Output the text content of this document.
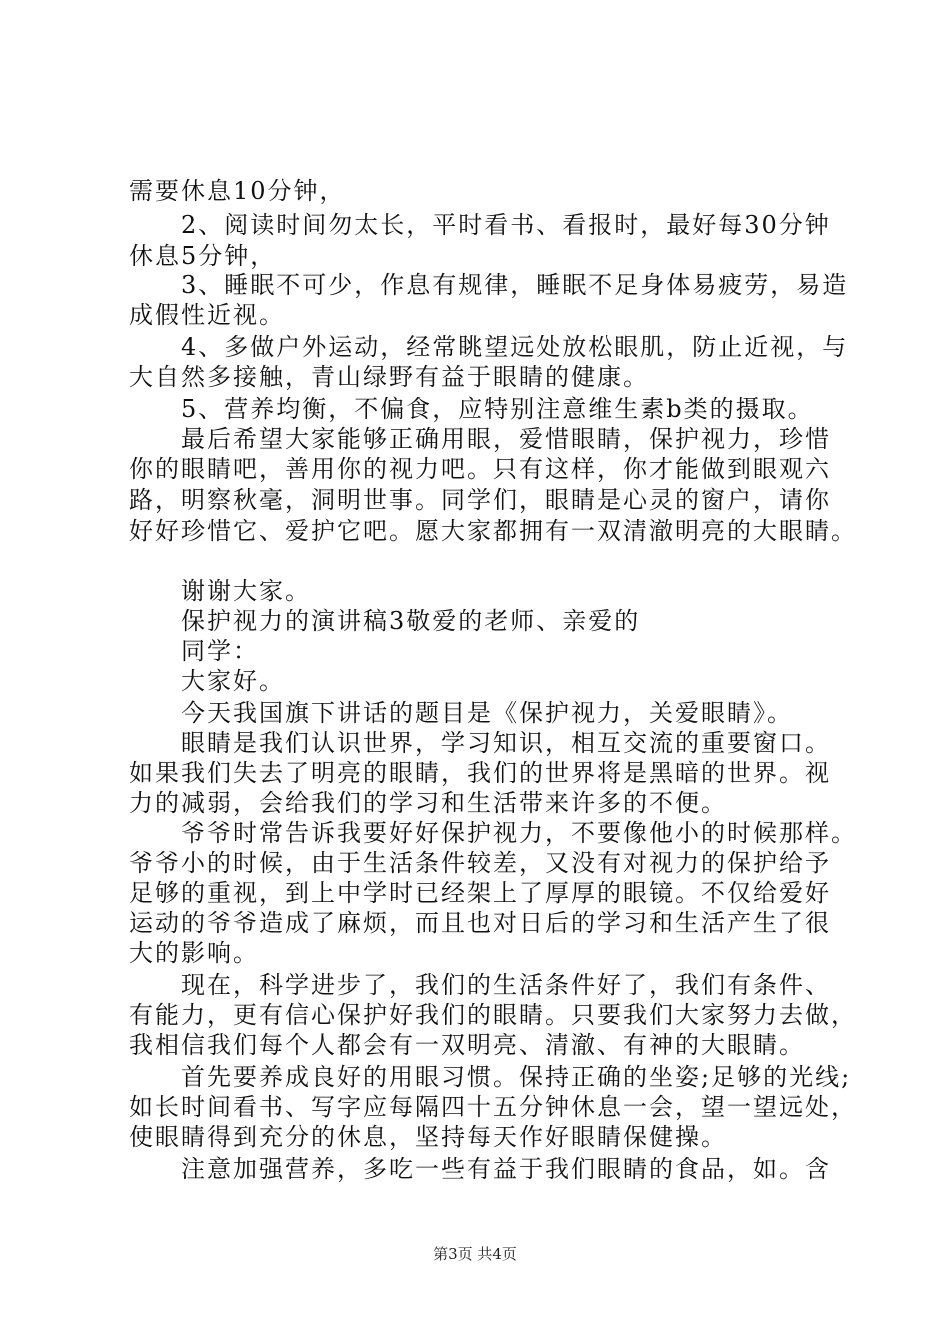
需要休息10分钟，
　　2、阅读时间勿太长，平时看书、看报时，最好每30分钟
休息5分钟，
　　3、睡眠不可少，作息有规律，睡眠不足身体易疲劳，易造
成假性近视。
　　4、多做户外运动，经常眺望远处放松眼肌，防止近视，与
大自然多接触，青山绿野有益于眼睛的健康。
　　5、营养均衡，不偏食，应特别注意维生素b类的摄取。
　　最后希望大家能够正确用眼，爱惜眼睛，保护视力，珍惜
你的眼睛吧，善用你的视力吧。只有这样，你才能做到眼观六
路，明察秋毫，洞明世事。同学们，眼睛是心灵的窗户，请你
好好珍惜它、爱护它吧。愿大家都拥有一双清澈明亮的大眼睛。
　　谢谢大家。
　　保护视力的演讲稿3敬爱的老师、亲爱的
　　同学：
　　大家好。
　　今天我国旗下讲话的题目是《保护视力，关爱眼睛》。
　　眼睛是我们认识世界，学习知识，相互交流的重要窗口。
如果我们失去了明亮的眼睛，我们的世界将是黑暗的世界。视
力的减弱，会给我们的学习和生活带来许多的不便。
　　爷爷时常告诉我要好好保护视力，不要像他小的时候那样。
爷爷小的时候，由于生活条件较差，又没有对视力的保护给予
足够的重视，到上中学时已经架上了厚厚的眼镜。不仅给爱好
运动的爷爷造成了麻烦，而且也对日后的学习和生活产生了很
大的影响。
　　现在，科学进步了，我们的生活条件好了，我们有条件、
有能力，更有信心保护好我们的眼睛。只要我们大家努力去做，
我相信我们每个人都会有一双明亮、清澈、有神的大眼睛。
　　首先要养成良好的用眼习惯。保持正确的坐姿;足够的光线;
如长时间看书、写字应每隔四十五分钟休息一会，望一望远处，
使眼睛得到充分的休息，坚持每天作好眼睛保健操。
　　注意加强营养，多吃一些有益于我们眼睛的食品，如。含
第3页 共4页
